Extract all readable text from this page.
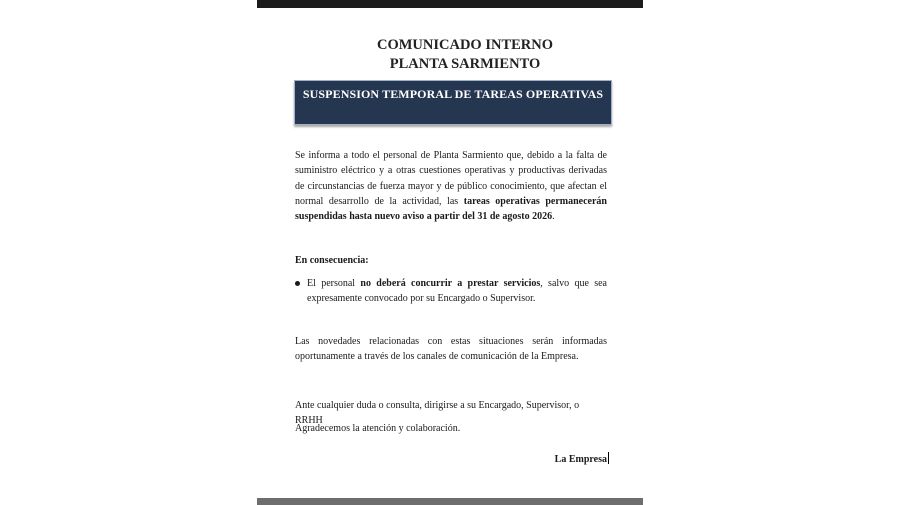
COMUNICADO INTERNO
PLANTA SARMIENTO
SUSPENSION TEMPORAL DE TAREAS OPERATIVAS
Se informa a todo el personal de Planta Sarmiento que, debido a la falta de suministro eléctrico y a otras cuestiones operativas y productivas derivadas de circunstancias de fuerza mayor y de público conocimiento, que afectan el normal desarrollo de la actividad, las tareas operativas permanecerán suspendidas hasta nuevo aviso a partir del 31 de agosto 2026.
En consecuencia:
El personal no deberá concurrir a prestar servicios, salvo que sea expresamente convocado por su Encargado o Supervisor.
Las novedades relacionadas con estas situaciones serán informadas oportunamente a través de los canales de comunicación de la Empresa.
Ante cualquier duda o consulta, dirigirse a su Encargado, Supervisor, o RRHH
Agradecemos la atención y colaboración.
La Empresa
